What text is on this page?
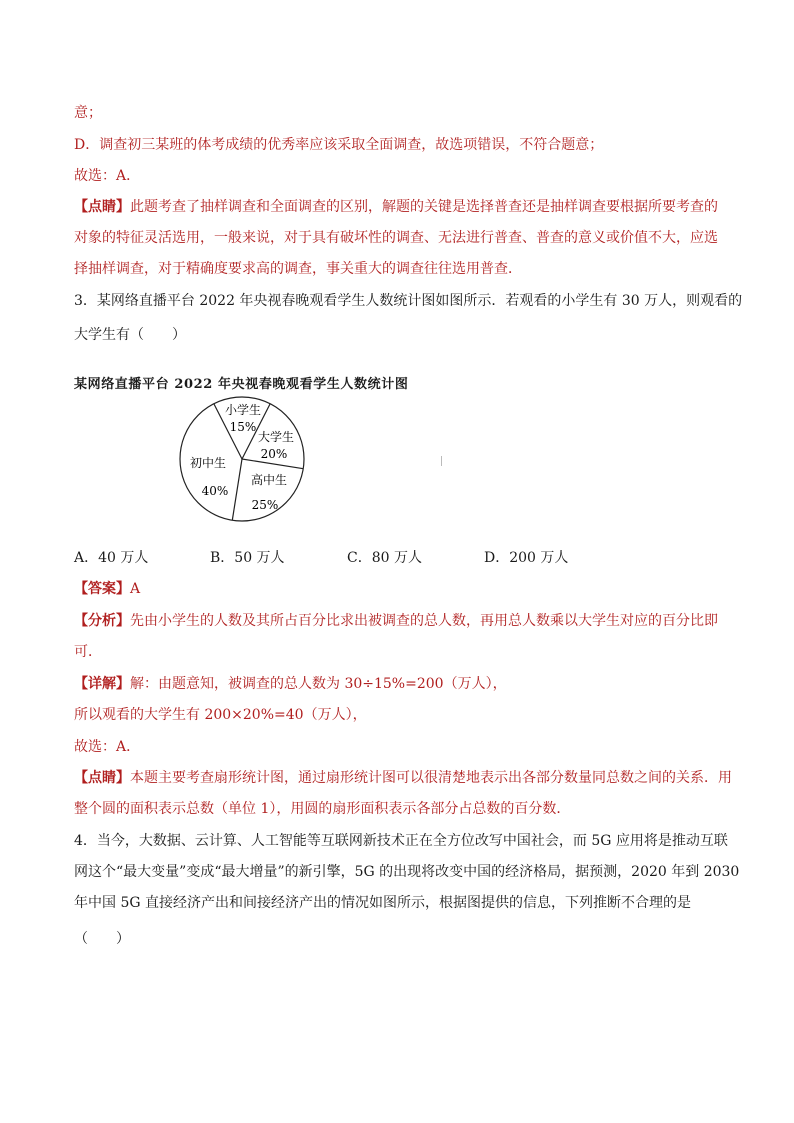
意；
D．调查初三某班的体考成绩的优秀率应该采取全面调查，故选项错误，不符合题意；
故选：A．
【点睛】此题考查了抽样调查和全面调查的区别，解题的关键是选择普查还是抽样调查要根据所要考查的
对象的特征灵活选用，一般来说，对于具有破坏性的调查、无法进行普查、普查的意义或价值不大，应选
择抽样调查，对于精确度要求高的调查，事关重大的调查往往选用普查．
3．某网络直播平台 2022 年央视春晚观看学生人数统计图如图所示．若观看的小学生有 30 万人，则观看的
大学生有（　　）
某网络直播平台 2022 年央视春晚观看学生人数统计图
小学生
15%
大学生
20%
高中生
25%
初中生
40%
A．40 万人	B．50 万人	C．80 万人	D．200 万人
【答案】A
【分析】先由小学生的人数及其所占百分比求出被调查的总人数，再用总人数乘以大学生对应的百分比即
可．
【详解】解：由题意知，被调查的总人数为 30÷15%=200（万人），
所以观看的大学生有 200×20%=40（万人），
故选：A．
【点睛】本题主要考查扇形统计图，通过扇形统计图可以很清楚地表示出各部分数量同总数之间的关系．用
整个圆的面积表示总数（单位 1），用圆的扇形面积表示各部分占总数的百分数．
4．当今，大数据、云计算、人工智能等互联网新技术正在全方位改写中国社会，而 5G 应用将是推动互联
网这个“最大变量”变成“最大增量”的新引擎，5G 的出现将改变中国的经济格局，据预测，2020 年到 2030
年中国 5G 直接经济产出和间接经济产出的情况如图所示，根据图提供的信息，下列推断不合理的是
（　　）
